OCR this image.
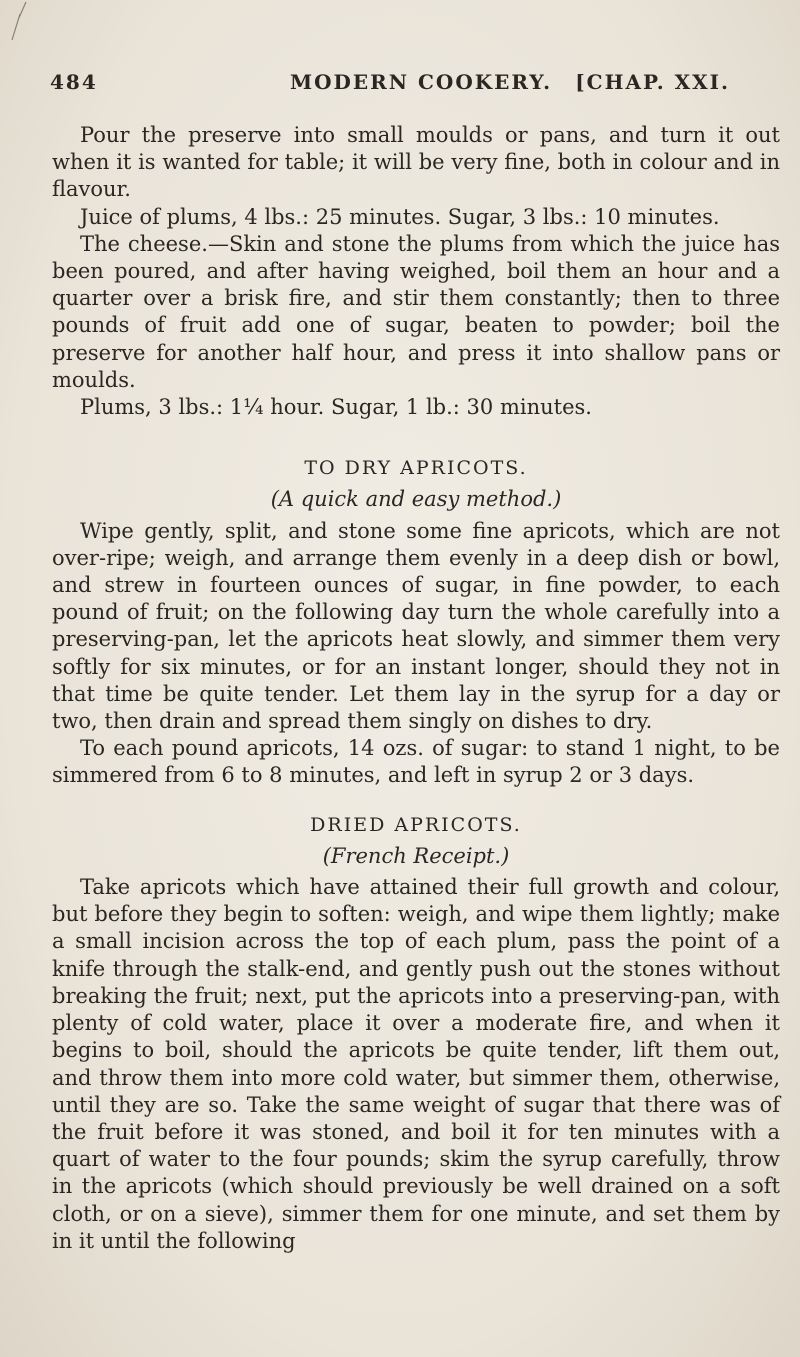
484	MODERN COOKERY. [CHAP. XXI.

Pour the preserve into small moulds or pans, and turn it out when it is wanted for table; it will be very fine, both in colour and in flavour.

Juice of plums, 4 lbs.: 25 minutes. Sugar, 3 lbs.: 10 minutes.

The cheese.—Skin and stone the plums from which the juice has been poured, and after having weighed, boil them an hour and a quarter over a brisk fire, and stir them constantly; then to three pounds of fruit add one of sugar, beaten to powder; boil the preserve for another half hour, and press it into shallow pans or moulds.

Plums, 3 lbs.: 1¼ hour. Sugar, 1 lb.: 30 minutes.

TO DRY APRICOTS.
(A quick and easy method.)

Wipe gently, split, and stone some fine apricots, which are not over-ripe; weigh, and arrange them evenly in a deep dish or bowl, and strew in fourteen ounces of sugar, in fine powder, to each pound of fruit; on the following day turn the whole carefully into a preserving-pan, let the apricots heat slowly, and simmer them very softly for six minutes, or for an instant longer, should they not in that time be quite tender. Let them lay in the syrup for a day or two, then drain and spread them singly on dishes to dry.

To each pound apricots, 14 ozs. of sugar: to stand 1 night, to be simmered from 6 to 8 minutes, and left in syrup 2 or 3 days.

DRIED APRICOTS.
(French Receipt.)

Take apricots which have attained their full growth and colour, but before they begin to soften: weigh, and wipe them lightly; make a small incision across the top of each plum, pass the point of a knife through the stalk-end, and gently push out the stones without breaking the fruit; next, put the apricots into a preserving-pan, with plenty of cold water, place it over a moderate fire, and when it begins to boil, should the apricots be quite tender, lift them out, and throw them into more cold water, but simmer them, otherwise, until they are so. Take the same weight of sugar that there was of the fruit before it was stoned, and boil it for ten minutes with a quart of water to the four pounds; skim the syrup carefully, throw in the apricots (which should previously be well drained on a soft cloth, or on a sieve), simmer them for one minute, and set them by in it until the following
